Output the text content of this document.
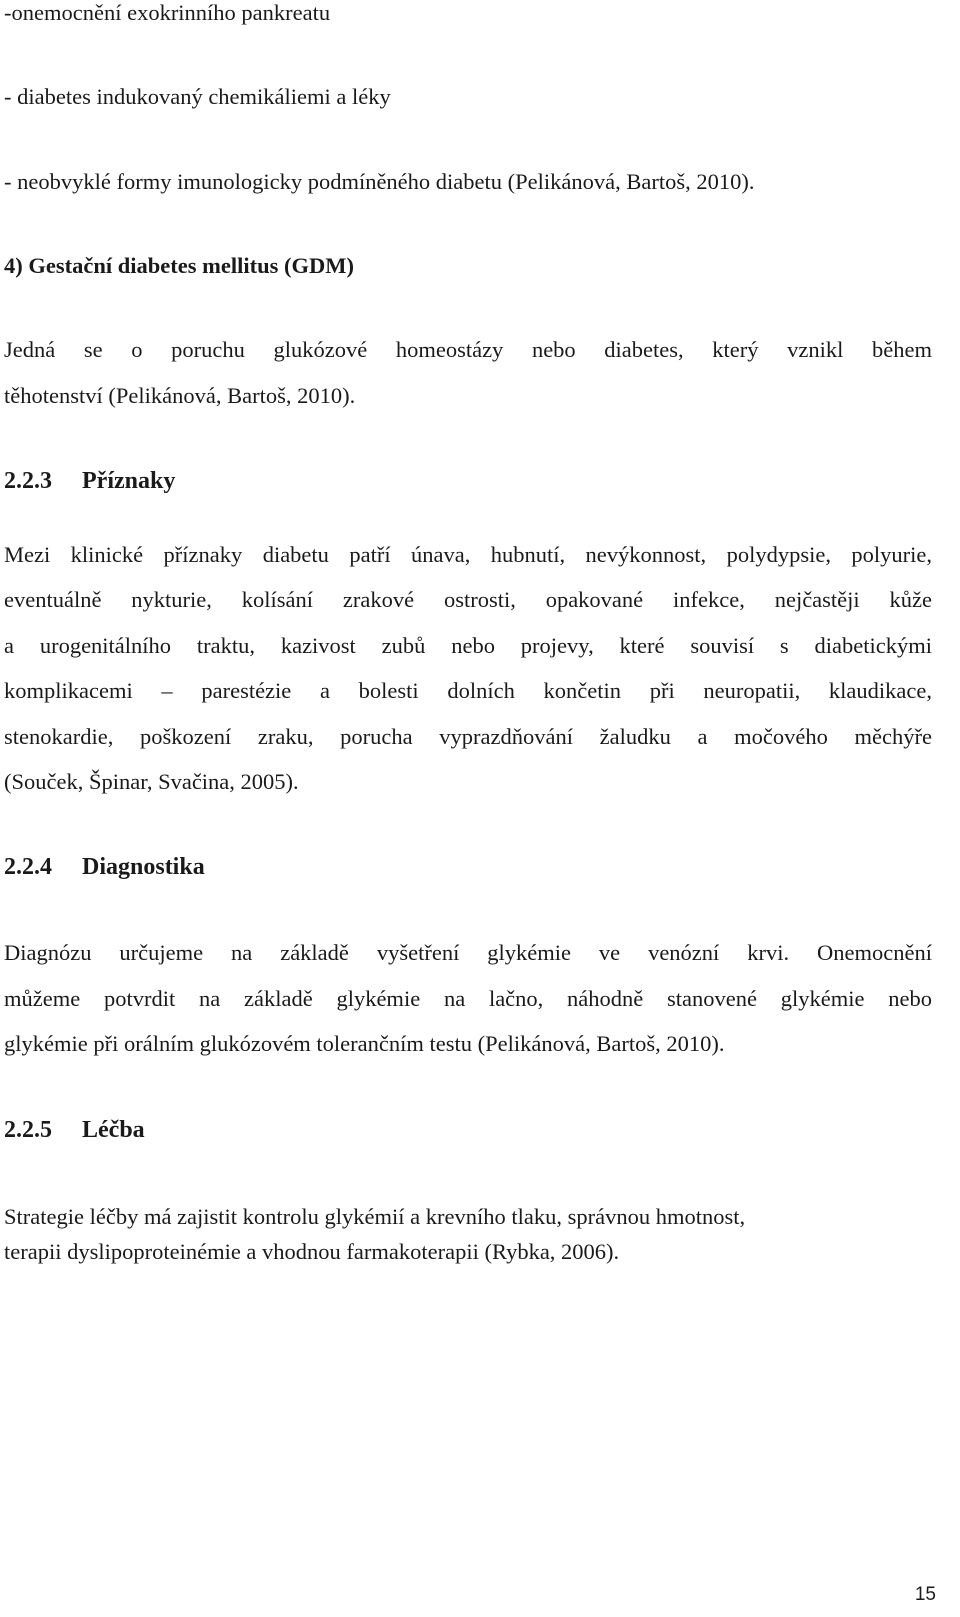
-onemocnění exokrinního pankreatu
- diabetes indukovaný chemikáliemi a léky
- neobvyklé formy imunologicky podmíněného diabetu (Pelikánová, Bartoš, 2010).
4) Gestační diabetes mellitus (GDM)
Jedná se o poruchu glukózové homeostázy nebo diabetes, který vznikl během
těhotenství (Pelikánová, Bartoš, 2010).
2.2.3 Příznaky
Mezi klinické příznaky diabetu patří únava, hubnutí, nevýkonnost, polydypsie, polyurie,
eventuálně nykturie, kolísání zrakové ostrosti, opakované infekce, nejčastěji kůže
a urogenitálního traktu, kazivost zubů nebo projevy, které souvisí s diabetickými
komplikacemi – parestézie a bolesti dolních končetin při neuropatii, klaudikace,
stenokardie, poškození zraku, porucha vyprazdňování žaludku a močového měchýře
(Souček, Špinar, Svačina, 2005).
2.2.4 Diagnostika
Diagnózu určujeme na základě vyšetření glykémie ve venózní krvi. Onemocnění
můžeme potvrdit na základě glykémie na lačno, náhodně stanovené glykémie nebo
glykémie při orálním glukózovém tolerančním testu (Pelikánová, Bartoš, 2010).
2.2.5 Léčba
Strategie léčby má zajistit kontrolu glykémií a krevního tlaku, správnou hmotnost,
terapii dyslipoproteinémie a vhodnou farmakoterapii (Rybka, 2006).
15
